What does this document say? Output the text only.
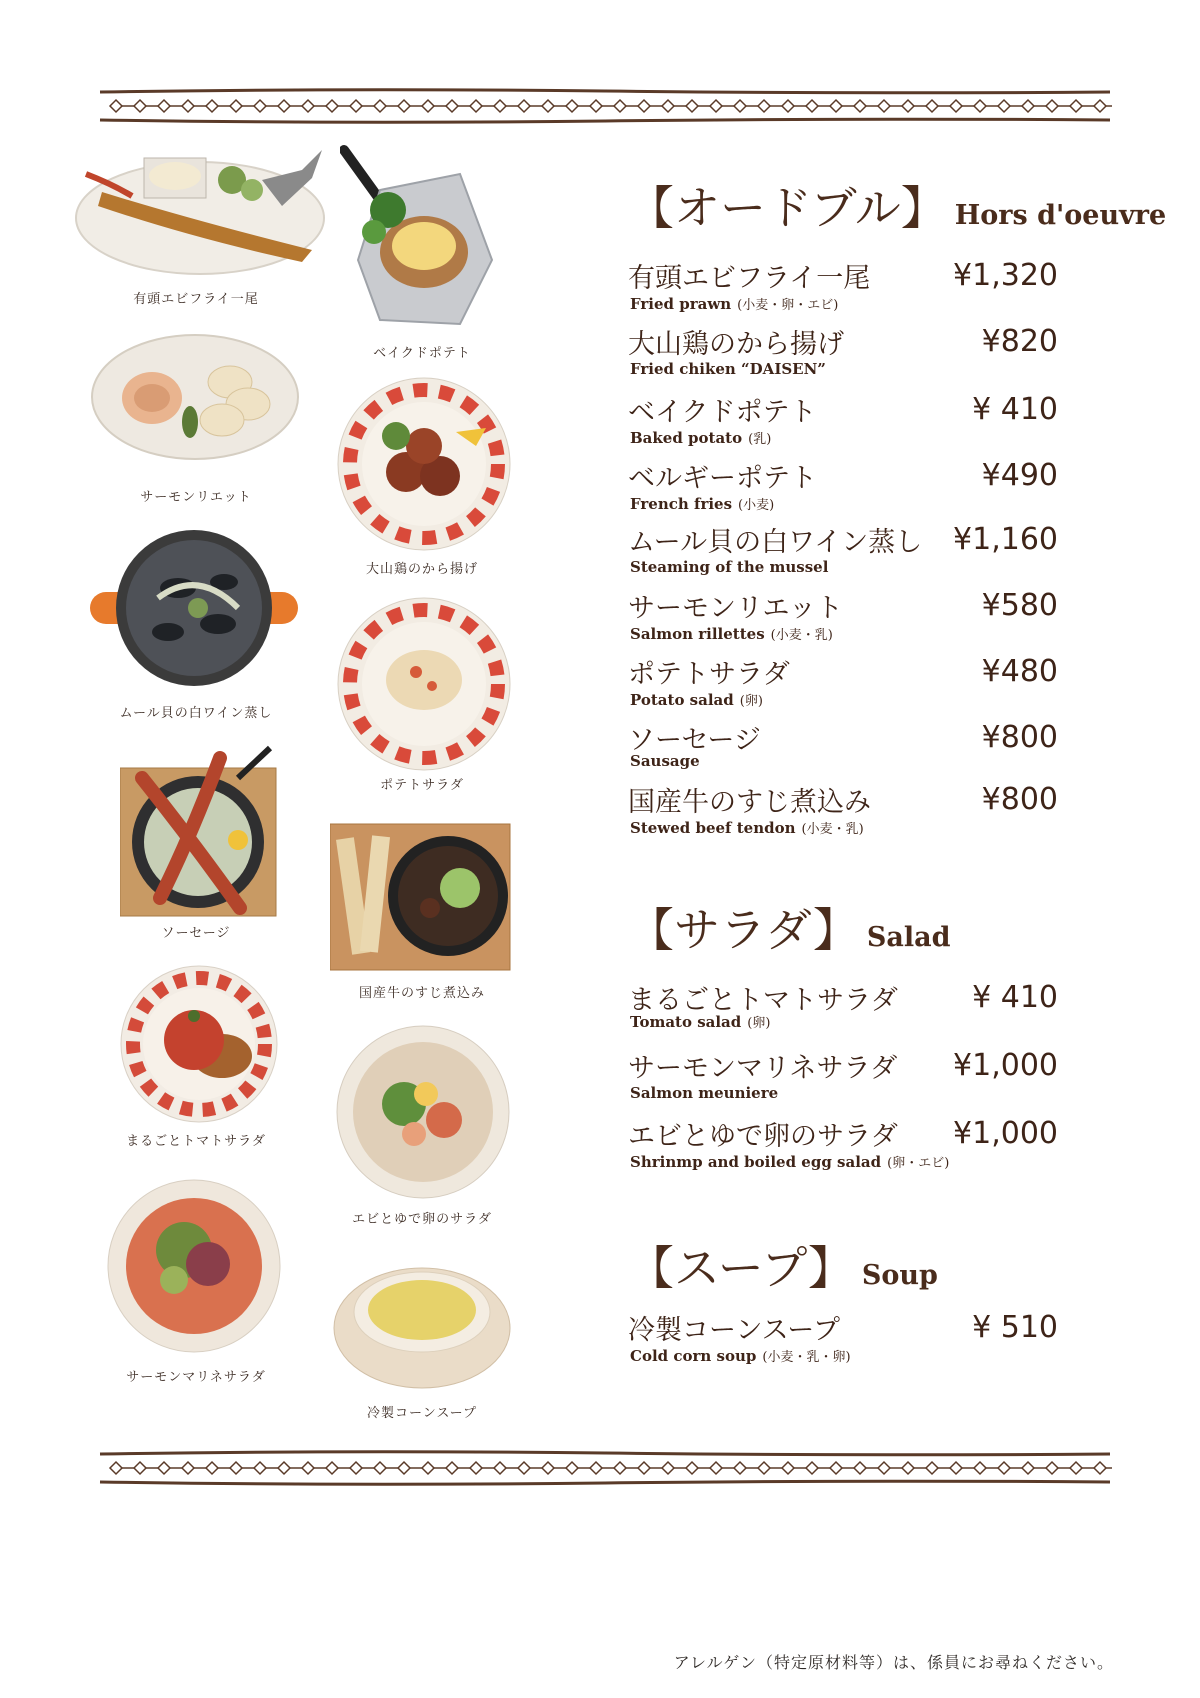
有頭エビフライ一尾
サーモンリエット
ムール貝の白ワイン蒸し
ソーセージ
まるごとトマトサラダ
サーモンマリネサラダ
ベイクドポテト
大山鶏のから揚げ
ポテトサラダ
国産牛のすじ煮込み
エビとゆで卵のサラダ
冷製コーンスープ
【オードブル】 Hors d'oeuvre
有頭エビフライ一尾	¥1,320
Fried prawn (小麦・卵・エビ)
大山鶏のから揚げ	¥820
Fried chiken “DAISEN”
ベイクドポテト	¥ 410
Baked potato (乳)
ベルギーポテト	¥490
French fries (小麦)
ムール貝の白ワイン蒸し ¥1,160
Steaming of the mussel
サーモンリエット	¥580
Salmon rillettes (小麦・乳)
ポテトサラダ	¥480
Potato salad (卵)
ソーセージ	¥800
Sausage
国産牛のすじ煮込み	¥800
Stewed beef tendon (小麦・乳)
【サラダ】 Salad
まるごとトマトサラダ ¥ 410
Tomato salad (卵)
サーモンマリネサラダ ¥1,000
Salmon meuniere
エビとゆで卵のサラダ ¥1,000
Shrinmp and boiled egg salad (卵・エビ)
【スープ】 Soup
冷製コーンスープ	¥ 510
Cold corn soup (小麦・乳・卵)
アレルゲン（特定原材料等）は、係員にお尋ねください。
